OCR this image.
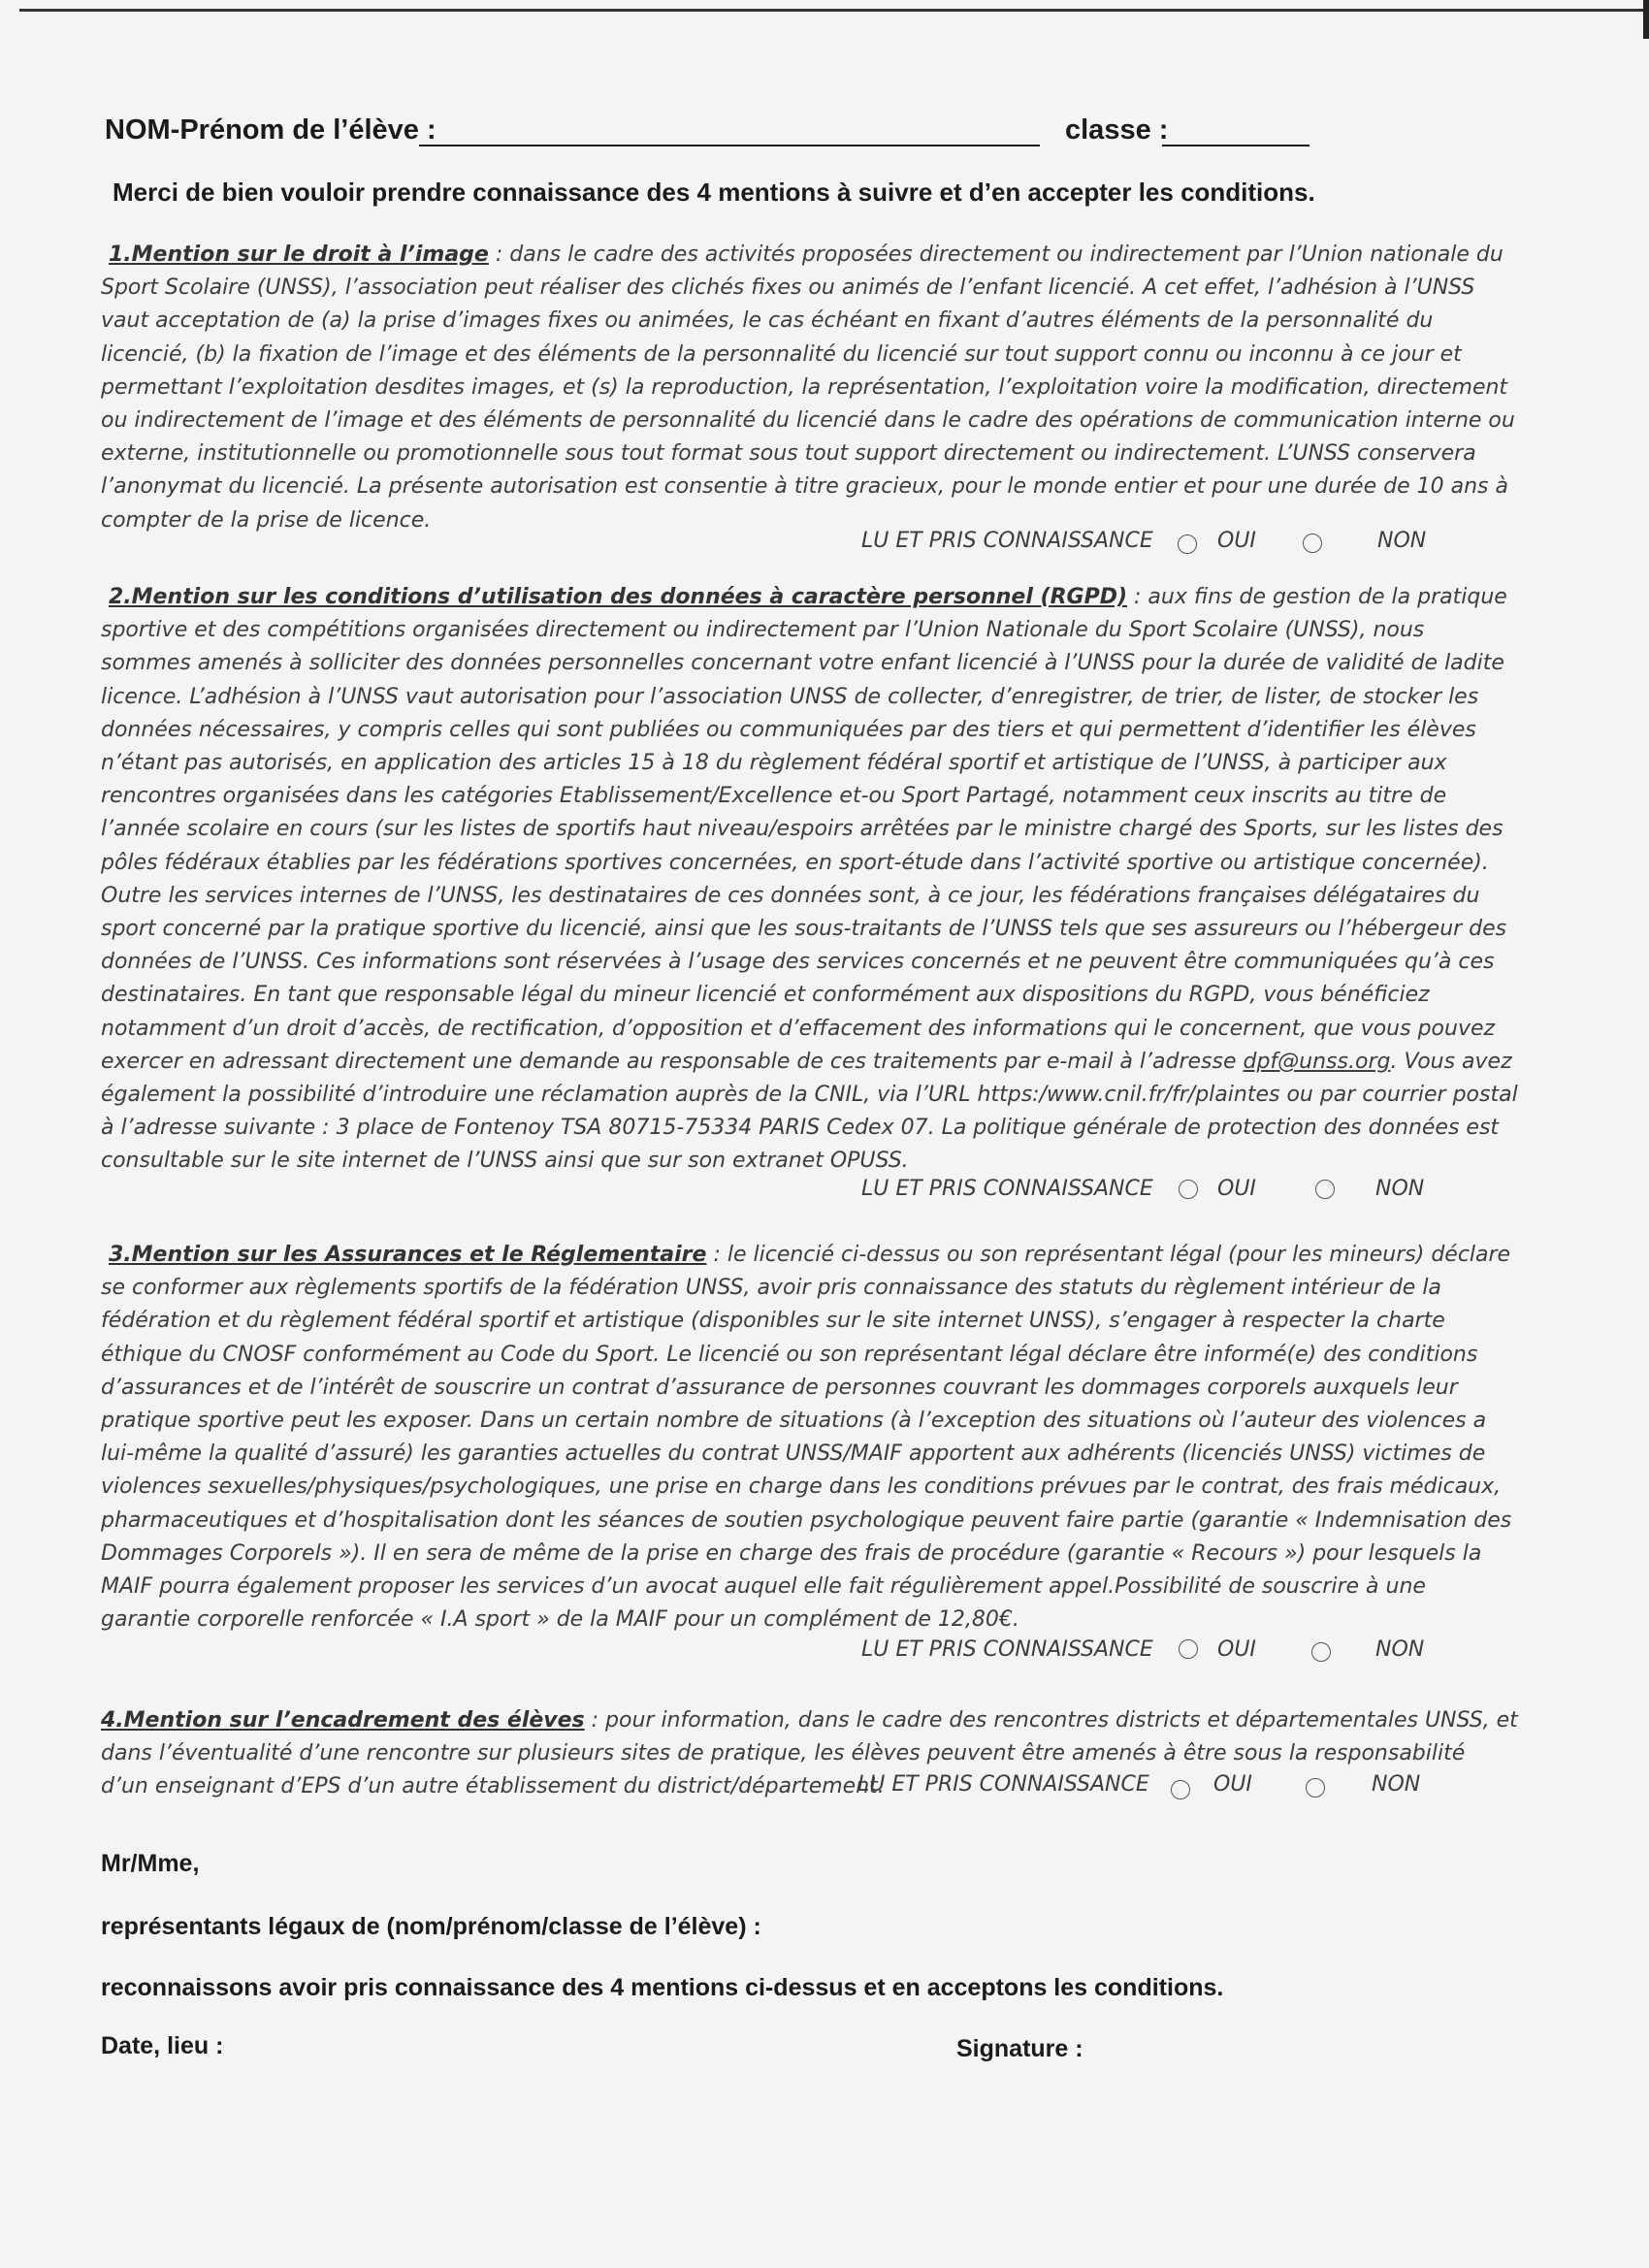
NOM-Prénom de l’élève :	classe :
Merci de bien vouloir prendre connaissance des 4 mentions à suivre et d’en accepter les conditions.
1.Mention sur le droit à l’image : dans le cadre des activités proposées directement ou indirectement par l’Union nationale du Sport Scolaire (UNSS), l’association peut réaliser des clichés fixes ou animés de l’enfant licencié. A cet effet, l’adhésion à l’UNSS vaut acceptation de (a) la prise d’images fixes ou animées, le cas échéant en fixant d’autres éléments de la personnalité du licencié, (b) la fixation de l’image et des éléments de la personnalité du licencié sur tout support connu ou inconnu à ce jour et permettant l’exploitation desdites images, et (s) la reproduction, la représentation, l’exploitation voire la modification, directement ou indirectement de l’image et des éléments de personnalité du licencié dans le cadre des opérations de communication interne ou externe, institutionnelle ou promotionnelle sous tout format sous tout support directement ou indirectement. L’UNSS conservera l’anonymat du licencié. La présente autorisation est consentie à titre gracieux, pour le monde entier et pour une durée de 10 ans à compter de la prise de licence.
LU ET PRIS CONNAISSANCE	OUI	NON
2.Mention sur les conditions d’utilisation des données à caractère personnel (RGPD) : aux fins de gestion de la pratique sportive et des compétitions organisées directement ou indirectement par l’Union Nationale du Sport Scolaire (UNSS), nous sommes amenés à solliciter des données personnelles concernant votre enfant licencié à l’UNSS pour la durée de validité de ladite licence. L’adhésion à l’UNSS vaut autorisation pour l’association UNSS de collecter, d’enregistrer, de trier, de lister, de stocker les données nécessaires, y compris celles qui sont publiées ou communiquées par des tiers et qui permettent d’identifier les élèves n’étant pas autorisés, en application des articles 15 à 18 du règlement fédéral sportif et artistique de l’UNSS, à participer aux rencontres organisées dans les catégories Etablissement/Excellence et-ou Sport Partagé, notamment ceux inscrits au titre de l’année scolaire en cours (sur les listes de sportifs haut niveau/espoirs arrêtées par le ministre chargé des Sports, sur les listes des pôles fédéraux établies par les fédérations sportives concernées, en sport-étude dans l’activité sportive ou artistique concernée). Outre les services internes de l’UNSS, les destinataires de ces données sont, à ce jour, les fédérations françaises délégataires du sport concerné par la pratique sportive du licencié, ainsi que les sous-traitants de l’UNSS tels que ses assureurs ou l’hébergeur des données de l’UNSS. Ces informations sont réservées à l’usage des services concernés et ne peuvent être communiquées qu’à ces destinataires. En tant que responsable légal du mineur licencié et conformément aux dispositions du RGPD, vous bénéficiez notamment d’un droit d’accès, de rectification, d’opposition et d’effacement des informations qui le concernent, que vous pouvez exercer en adressant directement une demande au responsable de ces traitements par e-mail à l’adresse dpf@unss.org. Vous avez également la possibilité d’introduire une réclamation auprès de la CNIL, via l’URL https:/www.cnil.fr/fr/plaintes ou par courrier postal à l’adresse suivante : 3 place de Fontenoy TSA 80715-75334 PARIS Cedex 07. La politique générale de protection des données est consultable sur le site internet de l’UNSS ainsi que sur son extranet OPUSS.
LU ET PRIS CONNAISSANCE	OUI	NON
3.Mention sur les Assurances et le Réglementaire : le licencié ci-dessus ou son représentant légal (pour les mineurs) déclare se conformer aux règlements sportifs de la fédération UNSS, avoir pris connaissance des statuts du règlement intérieur de la fédération et du règlement fédéral sportif et artistique (disponibles sur le site internet UNSS), s’engager à respecter la charte éthique du CNOSF conformément au Code du Sport. Le licencié ou son représentant légal déclare être informé(e) des conditions d’assurances et de l’intérêt de souscrire un contrat d’assurance de personnes couvrant les dommages corporels auxquels leur pratique sportive peut les exposer. Dans un certain nombre de situations (à l’exception des situations où l’auteur des violences a lui-même la qualité d’assuré) les garanties actuelles du contrat UNSS/MAIF apportent aux adhérents (licenciés UNSS) victimes de violences sexuelles/physiques/psychologiques, une prise en charge dans les conditions prévues par le contrat, des frais médicaux, pharmaceutiques et d’hospitalisation dont les séances de soutien psychologique peuvent faire partie (garantie « Indemnisation des Dommages Corporels »). Il en sera de même de la prise en charge des frais de procédure (garantie « Recours ») pour lesquels la MAIF pourra également proposer les services d’un avocat auquel elle fait régulièrement appel.Possibilité de souscrire à une garantie corporelle renforcée « I.A sport » de la MAIF pour un complément de 12,80€.
LU ET PRIS CONNAISSANCE	OUI	NON
4.Mention sur l’encadrement des élèves : pour information, dans le cadre des rencontres districts et départementales UNSS, et dans l’éventualité d’une rencontre sur plusieurs sites de pratique, les élèves peuvent être amenés à être sous la responsabilité d’un enseignant d’EPS d’un autre établissement du district/département.
LU ET PRIS CONNAISSANCE	OUI	NON
Mr/Mme,
représentants légaux de (nom/prénom/classe de l’élève) :
reconnaissons avoir pris connaissance des 4 mentions ci-dessus et en acceptons les conditions.
Date, lieu :	Signature :
